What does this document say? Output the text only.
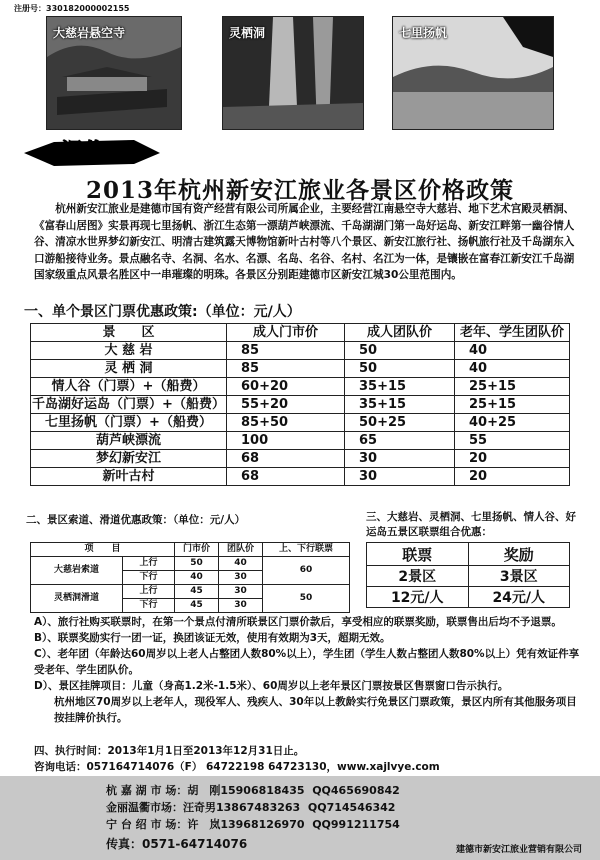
注册号：330182000002155
大慈岩悬空寺	灵栖洞	七里扬帆
调价
2013年杭州新安江旅业各景区价格政策
杭州新安江旅业是建德市国有资产经营有限公司所属企业，主要经营江南悬空寺大慈岩、地下艺术宫殿灵栖洞、《富春山居图》实景再现七里扬帆、浙江生态第一漂葫芦峡漂流、千岛湖湖门第一岛好运岛、新安江畔第一幽谷情人谷、清凉水世界梦幻新安江、明清古建筑露天博物馆新叶古村等八个景区、新安江旅行社、扬帆旅行社及千岛湖东入口游船接待业务。景点融名寺、名洞、名水、名漂、名岛、名谷、名村、名江为一体，是镶嵌在富春江新安江千岛湖国家级重点风景名胜区中一串璀璨的明珠。各景区分别距建德市区新安江城30公里范围内。
一、单个景区门票优惠政策:（单位：元/人）
景　　区	成人门市价	成人团队价	老年、学生团队价
大 慈 岩	85	50	40
灵 栖 洞	85	50	40
情人谷（门票）+（船费）	60+20	35+15	25+15
千岛湖好运岛（门票）+（船费）	55+20	35+15	25+15
七里扬帆（门票）+（船费）	85+50	50+25	40+25
葫芦峡漂流	100	65	55
梦幻新安江	68	30	20
新叶古村	68	30	20
二、景区索道、滑道优惠政策：（单位：元/人）
项　　目		门市价	团队价	上、下行联票
大慈岩索道	上行	50	40	60
	下行	40	30	
灵栖洞滑道	上行	45	30	50
	下行	45	30	
三、大慈岩、灵栖洞、七里扬帆、情人谷、好运岛五景区联票组合优惠：
联票	奖励
2景区	3景区
12元/人	24元/人

A）、旅行社购买联票时，在第一个景点付清所联景区门票价款后，享受相应的联票奖励，联票售出后均不予退票。

B）、联票奖励实行一团一证，换团该证无效，使用有效期为3天，超期无效。

C）、老年团（年龄达60周岁以上老人占整团人数80%以上），学生团（学生人数占整团人数80%以上）凭有效证件享受老年、学生团队价。

D）、景区挂牌项目：儿童（身高1.2米-1.5米）、60周岁以上老年景区门票按景区售票窗口告示执行。

杭州地区70周岁以上老年人，现役军人、残疾人、30年以上教龄实行免景区门票政策，景区内所有其他服务项目按挂牌价执行。

四、执行时间：2013年1月1日至2013年12月31日止。
咨询电话：057164714076（F） 64722198 64723130，www.xajlvye.com
杭 嘉 湖 市 场：胡　刚15906818435 QQ465690842
金丽温衢市场：汪奇男13867483263 QQ714546342
宁 台 绍 市 场：许　岚13968126970 QQ991211754
传真：0571-64714076	建德市新安江旅业营销有限公司
